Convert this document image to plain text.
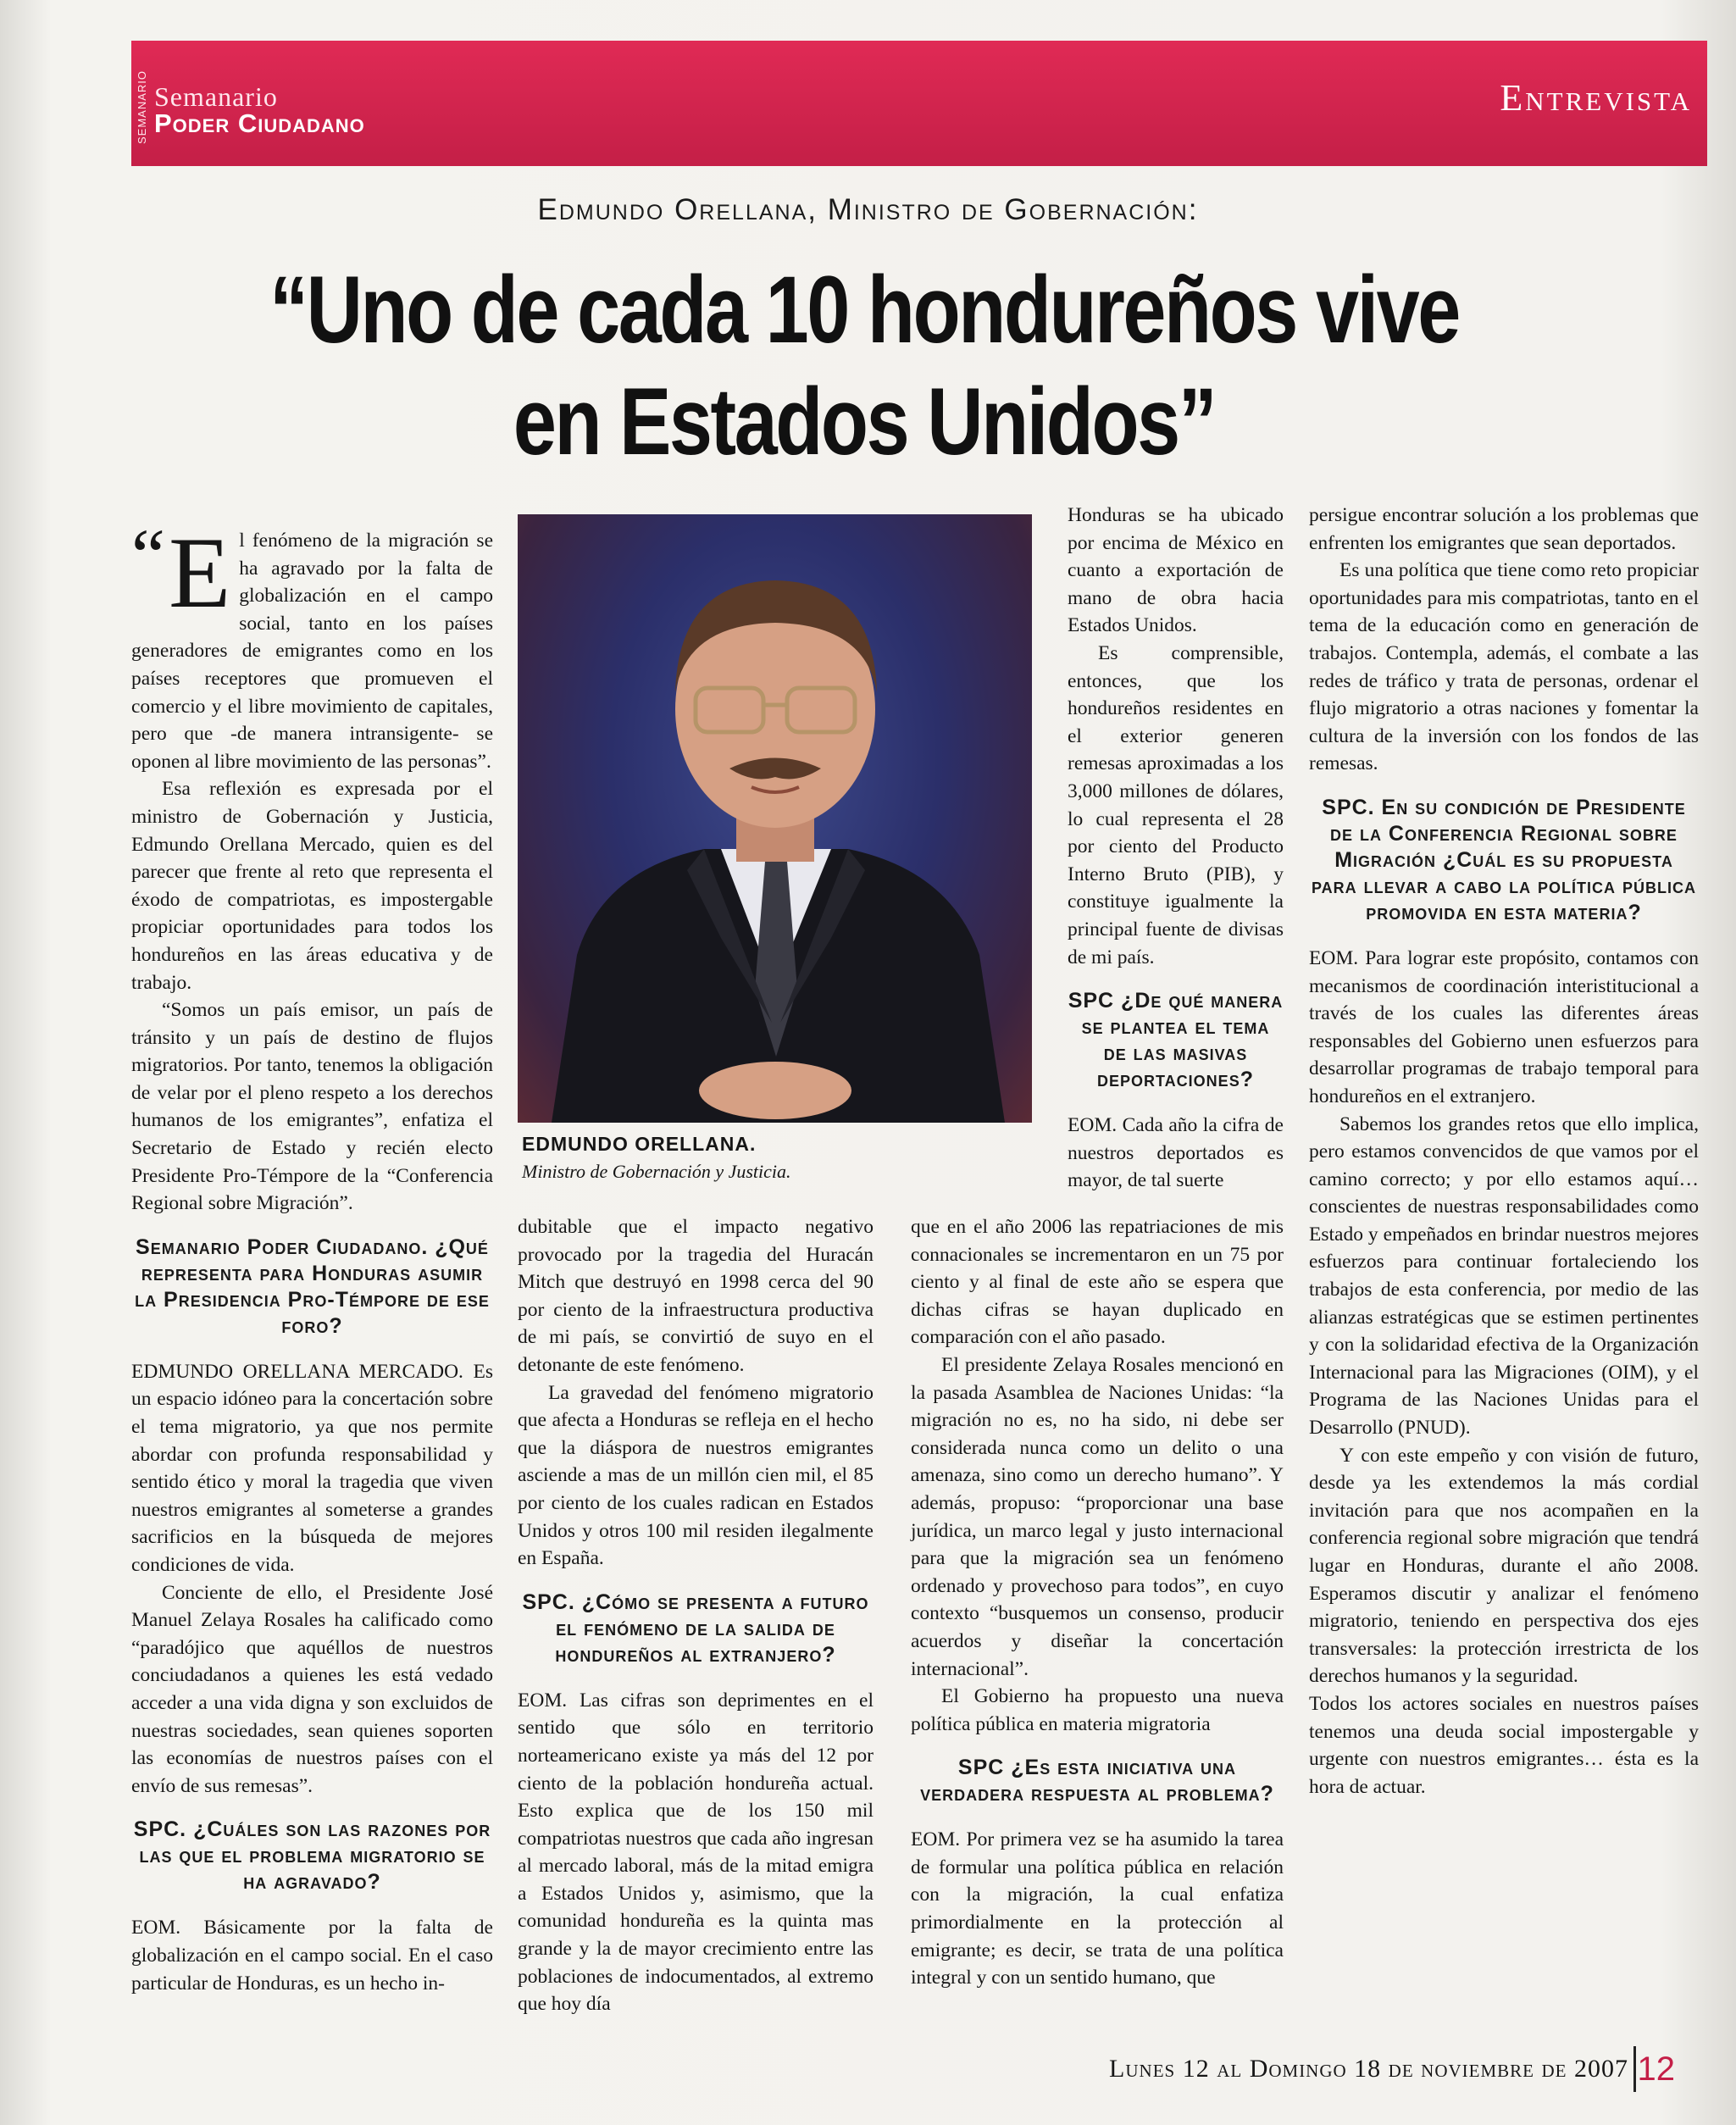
SEMANARIO Semanario
Poder Ciudadano
Entrevista
Edmundo Orellana, Ministro de Gobernación:
“Uno de cada 10 hondureños vive en Estados Unidos”
“ E l fenómeno de la migración se ha agravado por la falta de globalización en el campo social, tanto en los países generadores de emigrantes como en los países receptores que promueven el comercio y el libre movimiento de capitales, pero que -de manera intransigente- se oponen al libre movimiento de las personas”.

Esa reflexión es expresada por el ministro de Gobernación y Justicia, Edmundo Orellana Mercado, quien es del parecer que frente al reto que representa el éxodo de compatriotas, es impostergable propiciar oportunidades para todos los hondureños en las áreas educativa y de trabajo.

“Somos un país emisor, un país de tránsito y un país de destino de flujos migratorios. Por tanto, tenemos la obligación de velar por el pleno respeto a los derechos humanos de los emigrantes”, enfatiza el Secretario de Estado y recién electo Presidente Pro-Témpore de la “Conferencia Regional sobre Migración”.

Semanario Poder Ciudadano. ¿Qué representa para Honduras asumir la Presidencia Pro-Témpore de ese foro?

EDMUNDO ORELLANA MERCADO. Es un espacio idóneo para la concertación sobre el tema migratorio, ya que nos permite abordar con profunda responsabilidad y sentido ético y moral la tragedia que viven nuestros emigrantes al someterse a grandes sacrificios en la búsqueda de mejores condiciones de vida.

Conciente de ello, el Presidente José Manuel Zelaya Rosales ha calificado como “paradójico que aquéllos de nuestros conciudadanos a quienes les está vedado acceder a una vida digna y son excluidos de nuestras sociedades, sean quienes soporten las economías de nuestros países con el envío de sus remesas”.

SPC. ¿Cuáles son las razones por las que el problema migratorio se ha agravado?

EOM. Básicamente por la falta de globalización en el campo social. En el caso particular de Honduras, es un hecho in-

EDMUNDO ORELLANA.
Ministro de Gobernación y Justicia.

dubitable que el impacto negativo provocado por la tragedia del Huracán Mitch que destruyó en 1998 cerca del 90 por ciento de la infraestructura productiva de mi país, se convirtió de suyo en el detonante de este fenómeno.

La gravedad del fenómeno migratorio que afecta a Honduras se refleja en el hecho que la diáspora de nuestros emigrantes asciende a mas de un millón cien mil, el 85 por ciento de los cuales radican en Estados Unidos y otros 100 mil residen ilegalmente en España.

SPC. ¿Cómo se presenta a futuro el fenómeno de la salida de hondureños al extranjero?

EOM. Las cifras son deprimentes en el sentido que sólo en territorio norteamericano existe ya más del 12 por ciento de la población hondureña actual. Esto explica que de los 150 mil compatriotas nuestros que cada año ingresan al mercado laboral, más de la mitad emigra a Estados Unidos y, asimismo, que la comunidad hondureña es la quinta mas grande y la de mayor crecimiento entre las poblaciones de indocumentados, al extremo que hoy día

Honduras se ha ubicado por encima de México en cuanto a exportación de mano de obra hacia Estados Unidos.

Es comprensible, entonces, que los hondureños residentes en el exterior generen remesas aproximadas a los 3,000 millones de dólares, lo cual representa el 28 por ciento del Producto Interno Bruto (PIB), y constituye igualmente la principal fuente de divisas de mi país.

SPC ¿De qué manera se plantea el tema de las masivas deportaciones?

EOM. Cada año la cifra de nuestros deportados es mayor, de tal suerte

que en el año 2006 las repatriaciones de mis connacionales se incrementaron en un 75 por ciento y al final de este año se espera que dichas cifras se hayan duplicado en comparación con el año pasado.

El presidente Zelaya Rosales mencionó en la pasada Asamblea de Naciones Unidas: “la migración no es, no ha sido, ni debe ser considerada nunca como un delito o una amenaza, sino como un derecho humano”. Y además, propuso: “proporcionar una base jurídica, un marco legal y justo internacional para que la migración sea un fenómeno ordenado y provechoso para todos”, en cuyo contexto “busquemos un consenso, producir acuerdos y diseñar la concertación internacional”.

El Gobierno ha propuesto una nueva política pública en materia migratoria

SPC ¿Es esta iniciativa una verdadera respuesta al problema?

EOM. Por primera vez se ha asumido la tarea de formular una política pública en relación con la migración, la cual enfatiza primordialmente en la protección al emigrante; es decir, se trata de una política integral y con un sentido humano, que

persigue encontrar solución a los problemas que enfrenten los emigrantes que sean deportados.

Es una política que tiene como reto propiciar oportunidades para mis compatriotas, tanto en el tema de la educación como en generación de trabajos. Contempla, además, el combate a las redes de tráfico y trata de personas, ordenar el flujo migratorio a otras naciones y fomentar la cultura de la inversión con los fondos de las remesas.

SPC. En su condición de Presidente de la Conferencia Regional sobre Migración ¿Cuál es su propuesta para llevar a cabo la política pública promovida en esta materia?

EOM. Para lograr este propósito, contamos con mecanismos de coordinación interistitucional a través de los cuales las diferentes áreas responsables del Gobierno unen esfuerzos para desarrollar programas de trabajo temporal para hondureños en el extranjero.

Sabemos los grandes retos que ello implica, pero estamos convencidos de que vamos por el camino correcto; y por ello estamos aquí… conscientes de nuestras responsabilidades como Estado y empeñados en brindar nuestros mejores esfuerzos para continuar fortaleciendo los trabajos de esta conferencia, por medio de las alianzas estratégicas que se estimen pertinentes y con la solidaridad efectiva de la Organización Internacional para las Migraciones (OIM), y el Programa de las Naciones Unidas para el Desarrollo (PNUD).

Y con este empeño y con visión de futuro, desde ya les extendemos la más cordial invitación para que nos acompañen en la conferencia regional sobre migración que tendrá lugar en Honduras, durante el año 2008. Esperamos discutir y analizar el fenómeno migratorio, teniendo en perspectiva dos ejes transversales: la protección irrestricta de los derechos humanos y la seguridad.

Todos los actores sociales en nuestros países tenemos una deuda social impostergable y urgente con nuestros emigrantes… ésta es la hora de actuar.

Lunes 12 al Domingo 18 de noviembre de 2007 12
